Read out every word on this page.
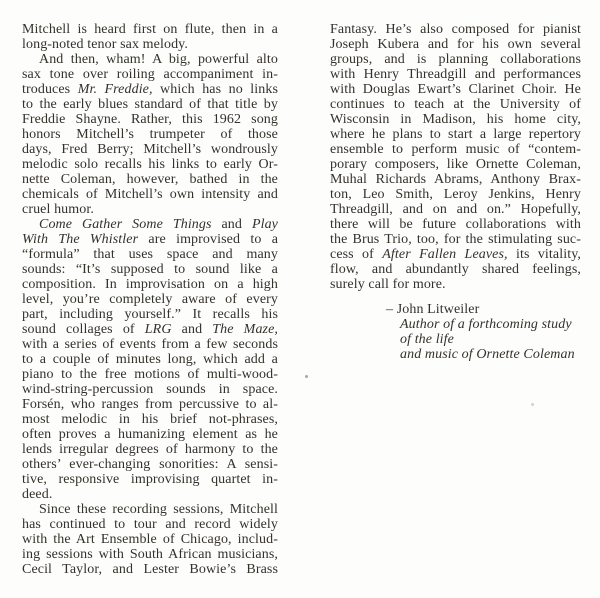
Mitchell is heard first on flute, then in a
long-noted tenor sax melody.
And then, wham! A big, powerful alto
sax tone over roiling accompaniment in-
troduces Mr. Freddie, which has no links
to the early blues standard of that title by
Freddie Shayne. Rather, this 1962 song
honors Mitchell’s trumpeter of those
days, Fred Berry; Mitchell’s wondrously
melodic solo recalls his links to early Or-
nette Coleman, however, bathed in the
chemicals of Mitchell’s own intensity and
cruel humor.
Come Gather Some Things and Play
With The Whistler are improvised to a
“formula” that uses space and many
sounds: “It’s supposed to sound like a
composition. In improvisation on a high
level, you’re completely aware of every
part, including yourself.” It recalls his
sound collages of LRG and The Maze,
with a series of events from a few seconds
to a couple of minutes long, which add a
piano to the free motions of multi-wood-
wind-string-percussion sounds in space.
Forsén, who ranges from percussive to al-
most melodic in his brief not-phrases,
often proves a humanizing element as he
lends irregular degrees of harmony to the
others’ ever-changing sonorities: A sensi-
tive, responsive improvising quartet in-
deed.
Since these recording sessions, Mitchell
has continued to tour and record widely
with the Art Ensemble of Chicago, includ-
ing sessions with South African musicians,
Cecil Taylor, and Lester Bowie’s Brass
Fantasy. He’s also composed for pianist
Joseph Kubera and for his own several
groups, and is planning collaborations
with Henry Threadgill and performances
with Douglas Ewart’s Clarinet Choir. He
continues to teach at the University of
Wisconsin in Madison, his home city,
where he plans to start a large repertory
ensemble to perform music of “contem-
porary composers, like Ornette Coleman,
Muhal Richards Abrams, Anthony Brax-
ton, Leo Smith, Leroy Jenkins, Henry
Threadgill, and on and on.” Hopefully,
there will be future collaborations with
the Brus Trio, too, for the stimulating suc-
cess of After Fallen Leaves, its vitality,
flow, and abundantly shared feelings,
surely call for more.
– John Litweiler
Author of a forthcoming study
of the life
and music of Ornette Coleman
